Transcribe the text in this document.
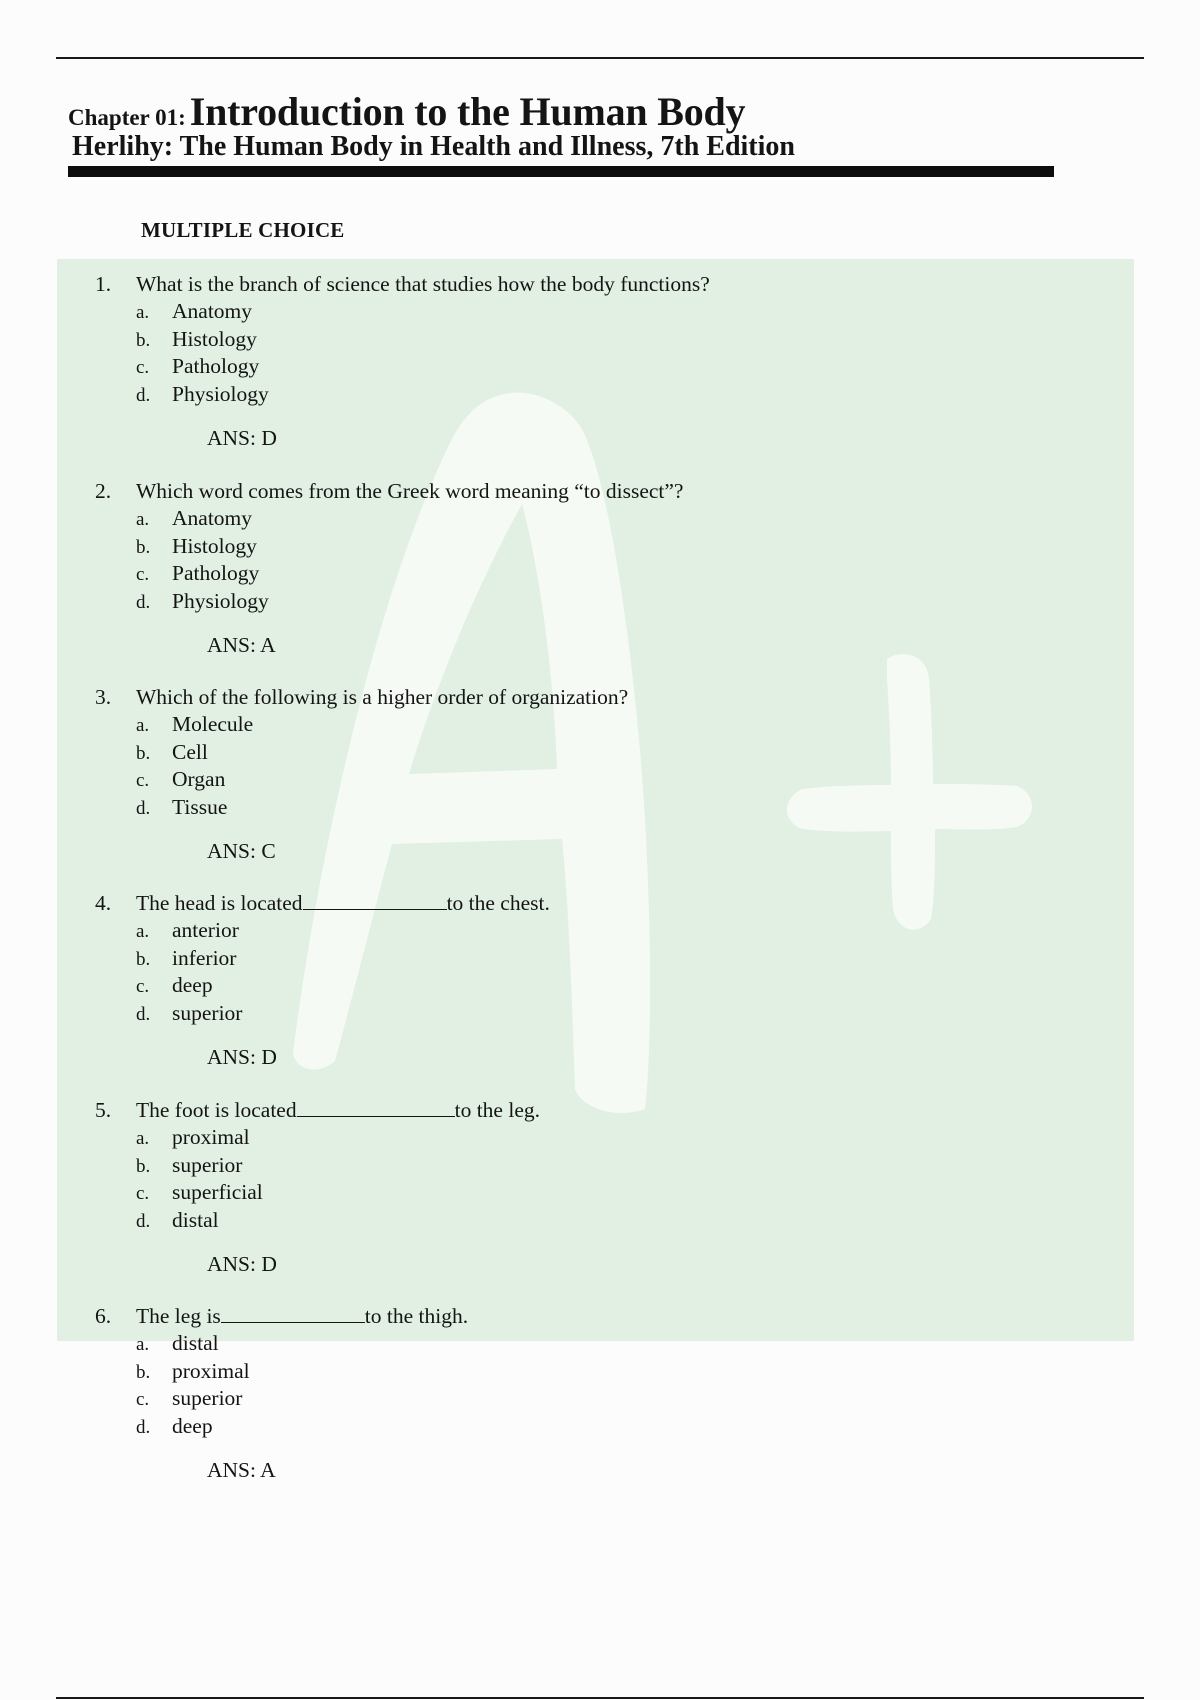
Chapter 01: Introduction to the Human Body
Herlihy: The Human Body in Health and Illness, 7th Edition
MULTIPLE CHOICE
1. What is the branch of science that studies how the body functions?
a. Anatomy
b. Histology
c. Pathology
d. Physiology
ANS: D
2. Which word comes from the Greek word meaning “to dissect”?
a. Anatomy
b. Histology
c. Pathology
d. Physiology
ANS: A
3. Which of the following is a higher order of organization?
a. Molecule
b. Cell
c. Organ
d. Tissue
ANS: C
4. The head is located	to the chest.
a. anterior
b. inferior
c. deep
d. superior
ANS: D
5. The foot is located	to the leg.
a. proximal
b. superior
c. superficial
d. distal
ANS: D
6. The leg is	to the thigh.
a. distal
b. proximal
c. superior
d. deep
ANS: A
